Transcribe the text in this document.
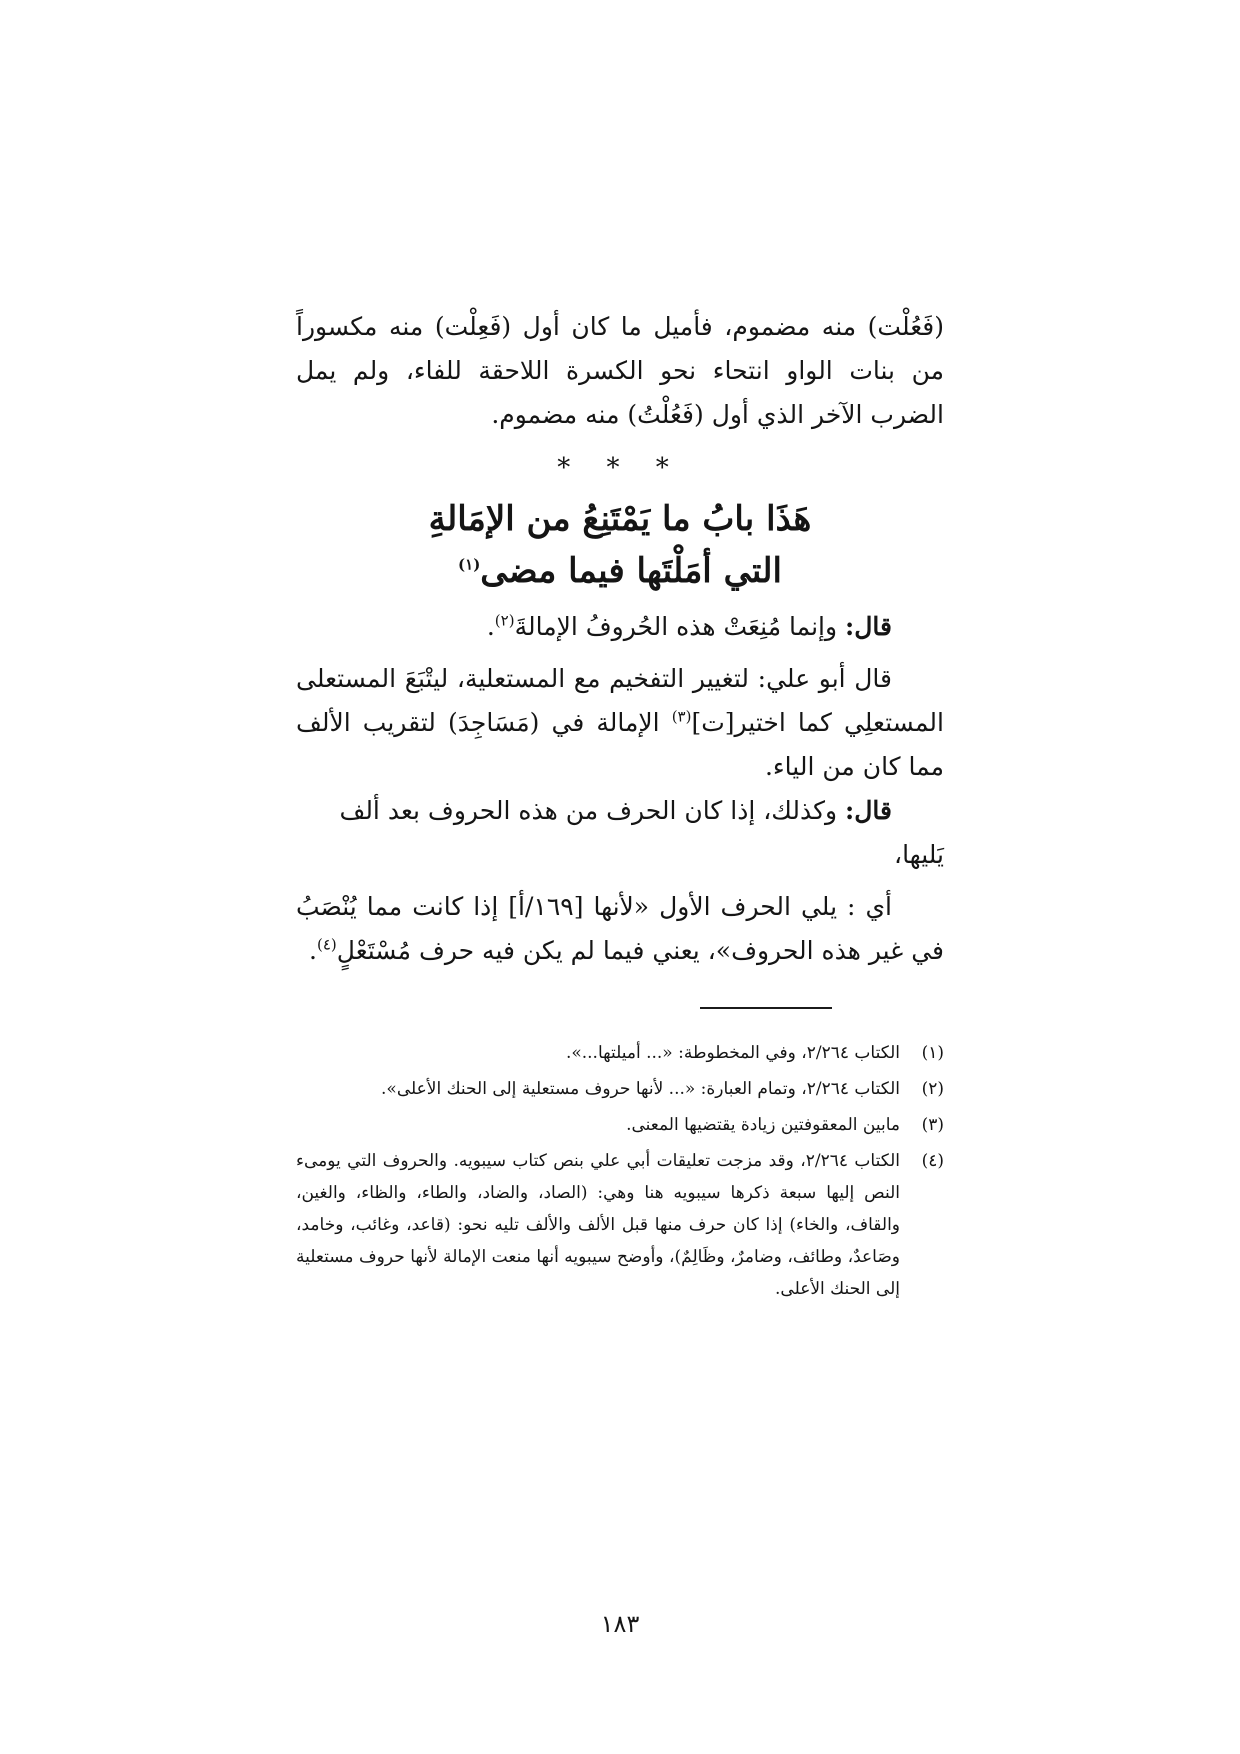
(فَعُلْت) منه مضموم، فأميل ما كان أول (فَعِلْت) منه مكسوراً من بنات الواو انتحاء نحو الكسرة اللاحقة للفاء، ولم يمل الضرب الآخر الذي أول (فَعُلْتُ) منه مضموم.

* * *
هَذَا بابُ ما يَمْتَنِعُ من الإمَالةِ
التي أمَلْتَها فيما مضى$^{(١)}$

قال: وإنما مُنِعَتْ هذه الحُروفُ الإمالةَ$^{(٢)}$.

قال أبو علي: لتغيير التفخيم مع المستعلية، ليتْبَعَ المستعلى المستعلِي كما اختير[ت]$^{(٣)}$ الإمالة في (مَسَاجِدَ) لتقريب الألف مما كان من الياء.

قال: وكذلك، إذا كان الحرف من هذه الحروف بعد ألف يَليها،

أي : يلي الحرف الأول «لأنها [١٦٩/أ] إذا كانت مما يُنْصَبُ في غير هذه الحروف»، يعني فيما لم يكن فيه حرف مُسْتَعْلٍ$^{(٤)}$.

(١)
الكتاب ٢/٢٦٤، وفي المخطوطة: «... أميلتها...».
(٢)
الكتاب ٢/٢٦٤، وتمام العبارة: «... لأنها حروف مستعلية إلى الحنك الأعلى».
(٣)
مابين المعقوفتين زيادة يقتضيها المعنى.
(٤)
الكتاب ٢/٢٦٤، وقد مزجت تعليقات أبي علي بنص كتاب سيبويه. والحروف التي يومىء النص إليها سبعة ذكرها سيبويه هنا وهي: (الصاد، والضاد، والطاء، والظاء، والغين، والقاف، والخاء) إذا كان حرف منها قبل الألف والألف تليه نحو: (قاعد، وغائب، وخامد، وصَاعدٌ، وطائف، وضامرٌ، وظَالِمٌ)، وأوضح سيبويه أنها منعت الإمالة لأنها حروف مستعلية إلى الحنك الأعلى.
١٨٣
